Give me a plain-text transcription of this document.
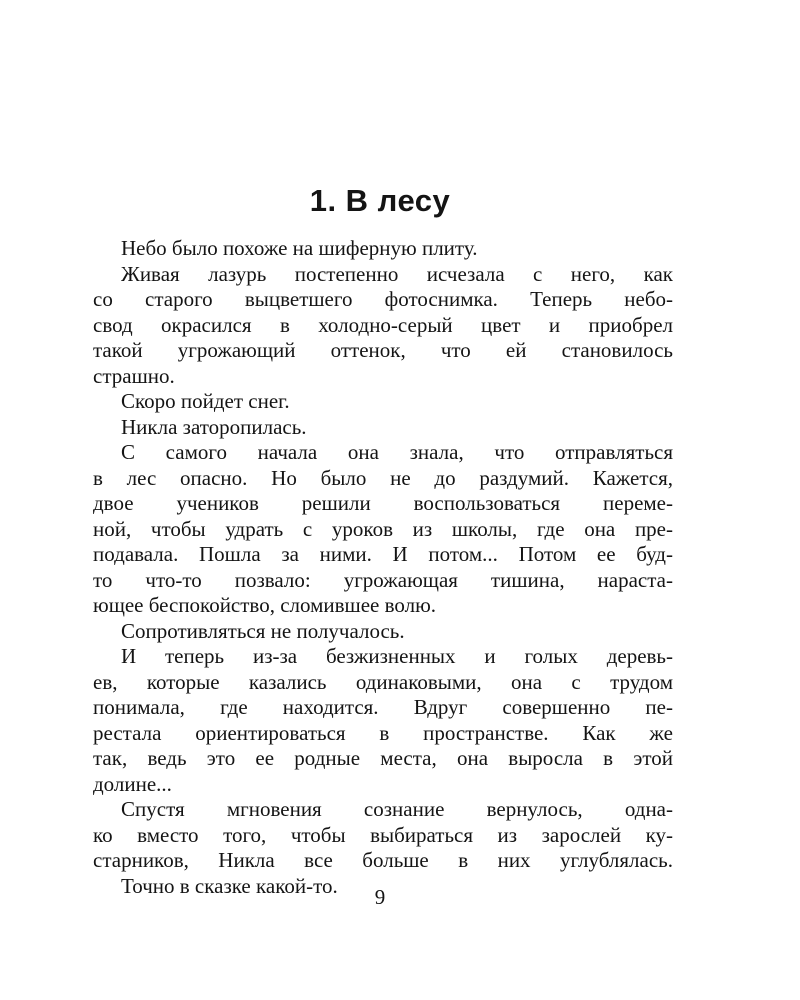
1. В лесу
Небо было похоже на шиферную плиту.
Живая лазурь постепенно исчезала с него, как
со старого выцветшего фотоснимка. Теперь небо-
свод окрасился в холодно-серый цвет и приобрел
такой угрожающий оттенок, что ей становилось
страшно.
Скоро пойдет снег.
Никла заторопилась.
С самого начала она знала, что отправляться
в лес опасно. Но было не до раздумий. Кажется,
двое учеников решили воспользоваться переме-
ной, чтобы удрать с уроков из школы, где она пре-
подавала. Пошла за ними. И потом... Потом ее буд-
то что-то позвало: угрожающая тишина, нараста-
ющее беспокойство, сломившее волю.
Сопротивляться не получалось.
И теперь из-за безжизненных и голых деревь-
ев, которые казались одинаковыми, она с трудом
понимала, где находится. Вдруг совершенно пе-
рестала ориентироваться в пространстве. Как же
так, ведь это ее родные места, она выросла в этой
долине...
Спустя мгновения сознание вернулось, одна-
ко вместо того, чтобы выбираться из зарослей ку-
старников, Никла все больше в них углублялась.
Точно в сказке какой-то.	9
